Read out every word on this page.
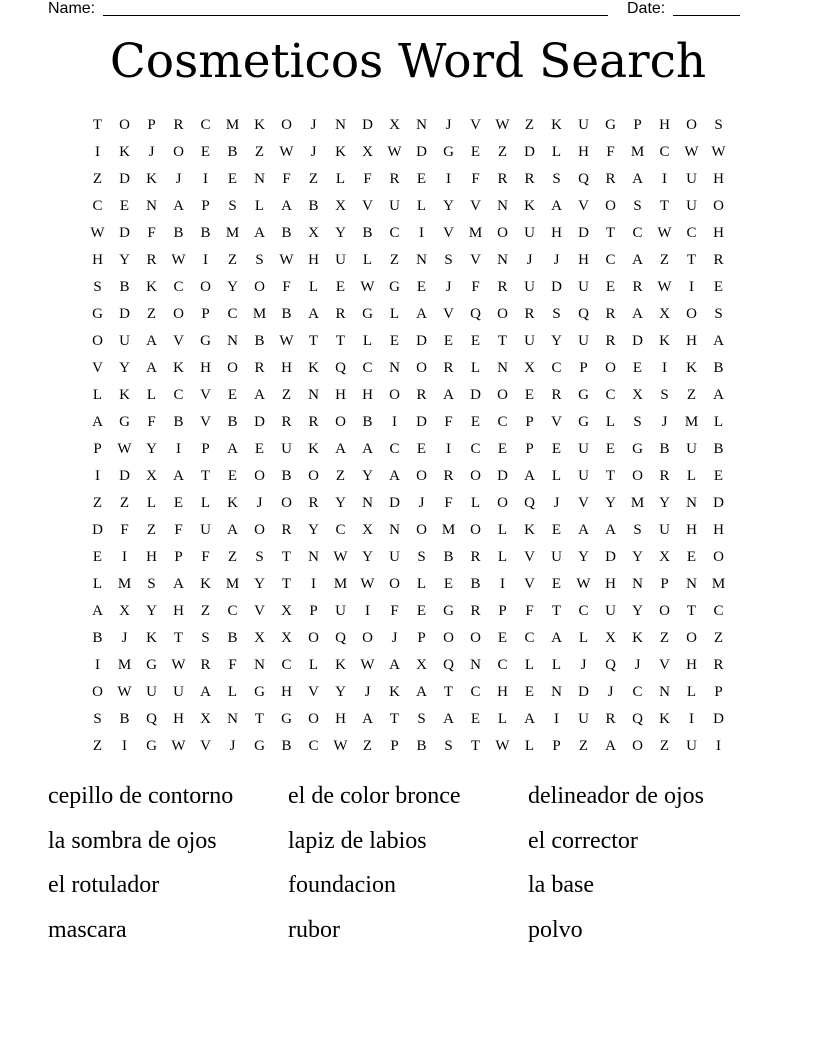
Name:	Date:
Cosmeticos Word Search
T	O	P	R	C	M K	O	J	N	D	X	N	J	V W	Z	K	U	G	P	H	O	S
I	K	J	O	E	B	Z	W	J	K	X W D	G	E	Z	D	L	H	F	M	C W W
Z	D	K	J	I	E	N	F	Z	L	F	R	E	I	F	R	R	S	Q	R	A	I	U	H
C	E	N	A	P	S	L	A	B	X	V	U	L	Y	V	N	K	A	V	O	S	T	U	O
W D	F	B	B	M A	B	X	Y	B	C	I	V M O	U	H	D	T	C W C	H
H	Y	R W	I	Z	S	W H	U	L	Z	N	S	V	N	J	J	H	C	A	Z	T	R
S	B	K	C	O	Y	O	F	L	E	W G	E	J	F	R	U	D	U	E	R W	I	E
G	D	Z	O	P	C	M	B	A	R	G	L	A	V	Q	O	R	S	Q	R	A	X	O	S
O	U	A	V	G	N	B W	T	T	L	E	D	E	E	T	U	Y	U	R	D	K	H	A
V	Y	A	K	H	O	R	H	K	Q	C	N	O	R	L	N	X	C	P	O	E	I	K	B
L	K	L	C	V	E	A	Z	N	H	H	O	R	A	D	O	E	R	G	C	X	S	Z	A
A	G	F	B	V	B	D	R	R	O	B	I	D	F	E	C	P	V	G	L	S	J	M	L
P	W Y	I	P	A	E	U	K	A	A	C	E	I	C	E	P	E	U	E	G	B	U	B
I	D	X	A	T	E	O	B	O	Z	Y	A	O	R	O	D	A	L	U	T	O	R	L	E
Z	Z	L	E	L	K	J	O	R	Y	N	D	J	F	L	O	Q	J	V	Y M Y	N	D
D	F	Z	F	U	A	O	R	Y	C	X	N	O M O	L	K	E	A	A	S	U	H	H
E	I	H	P	F	Z	S	T	N W Y	U	S	B	R	L	V	U	Y	D	Y	X	E	O
L	M	S	A	K M Y	T	I	M W O	L	E	B	I	V	E	W H	N	P	N M
A	X	Y	H	Z	C	V	X	P	U	I	F	E	G	R	P	F	T	C	U	Y	O	T	C
B	J	K	T	S	B	X	X	O	Q	O	J	P	O	O	E	C	A	L	X	K	Z	O	Z
I	M G W R	F	N	C	L	K W A	X	Q	N	C	L	L	J	Q	J	V	H	R
O W U	U	A	L	G	H	V	Y	J	K	A	T	C	H	E	N	D	J	C	N	L	P
S	B	Q	H	X	N	T	G	O	H	A	T	S	A	E	L	A	I	U	R	Q	K	I	D
Z	I	G W V	J	G	B	C W	Z	P	B	S	T	W	L	P	Z	A	O	Z	U	I
cepillo de contorno	el de color bronce	delineador de ojos
la sombra de ojos	lapiz de labios	el corrector
el rotulador	foundacion	la base
mascara	rubor	polvo
